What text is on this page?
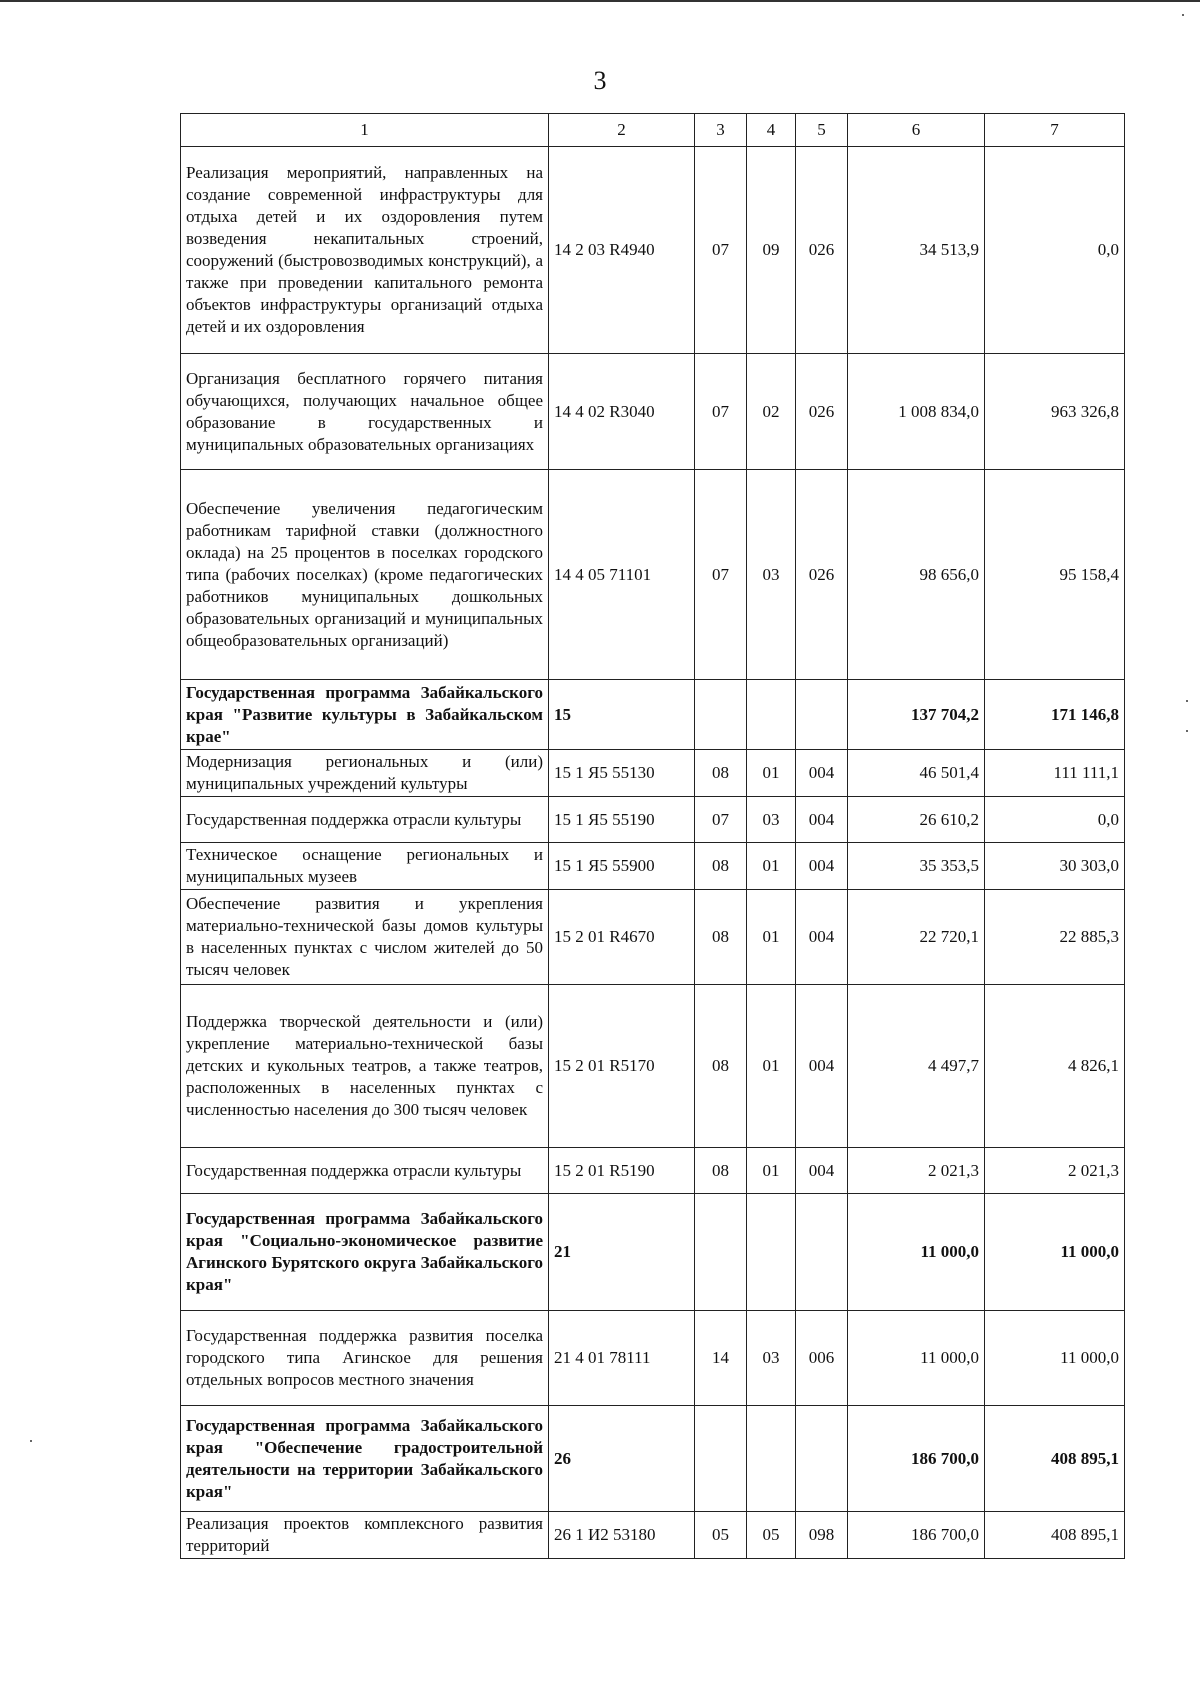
3
1	2	3	4	5	6	7
Реализация мероприятий, направленных на создание современной инфраструктуры для отдыха детей и их оздоровления путем возведения некапитальных строений, сооружений (быстровозводимых конструкций), а также при проведении капитального ремонта объектов инфраструктуры организаций отдыха детей и их оздоровления	14 2 03 R4940	07	09	026	34 513,9	0,0
Организация бесплатного горячего питания обучающихся, получающих начальное общее образование в государственных и муниципальных образовательных организациях	14 4 02 R3040	07	02	026	1 008 834,0	963 326,8
Обеспечение увеличения педагогическим работникам тарифной ставки (должностного оклада) на 25 процентов в поселках городского типа (рабочих поселках) (кроме педагогических работников муниципальных дошкольных образовательных организаций и муниципальных общеобразовательных организаций)	14 4 05 71101	07	03	026	98 656,0	95 158,4
Государственная программа Забайкальского края "Развитие культуры в Забайкальском крае"	15				137 704,2	171 146,8
Модернизация региональных и (или) муниципальных учреждений культуры	15 1 Я5 55130	08	01	004	46 501,4	111 111,1
Государственная поддержка отрасли культуры	15 1 Я5 55190	07	03	004	26 610,2	0,0
Техническое оснащение региональных и муниципальных музеев	15 1 Я5 55900	08	01	004	35 353,5	30 303,0
Обеспечение развития и укрепления материально-технической базы домов культуры в населенных пунктах с числом жителей до 50 тысяч человек	15 2 01 R4670	08	01	004	22 720,1	22 885,3
Поддержка творческой деятельности и (или) укрепление материально-технической базы детских и кукольных театров, а также театров, расположенных в населенных пунктах с численностью населения до 300 тысяч человек	15 2 01 R5170	08	01	004	4 497,7	4 826,1
Государственная поддержка отрасли культуры	15 2 01 R5190	08	01	004	2 021,3	2 021,3
Государственная программа Забайкальского края "Социально-экономическое развитие Агинского Бурятского округа Забайкальского края"	21				11 000,0	11 000,0
Государственная поддержка развития поселка городского типа Агинское для решения отдельных вопросов местного значения	21 4 01 78111	14	03	006	11 000,0	11 000,0
Государственная программа Забайкальского края "Обеспечение градостроительной деятельности на территории Забайкальского края"	26				186 700,0	408 895,1
Реализация проектов комплексного развития территорий	26 1 И2 53180	05	05	098	186 700,0	408 895,1
